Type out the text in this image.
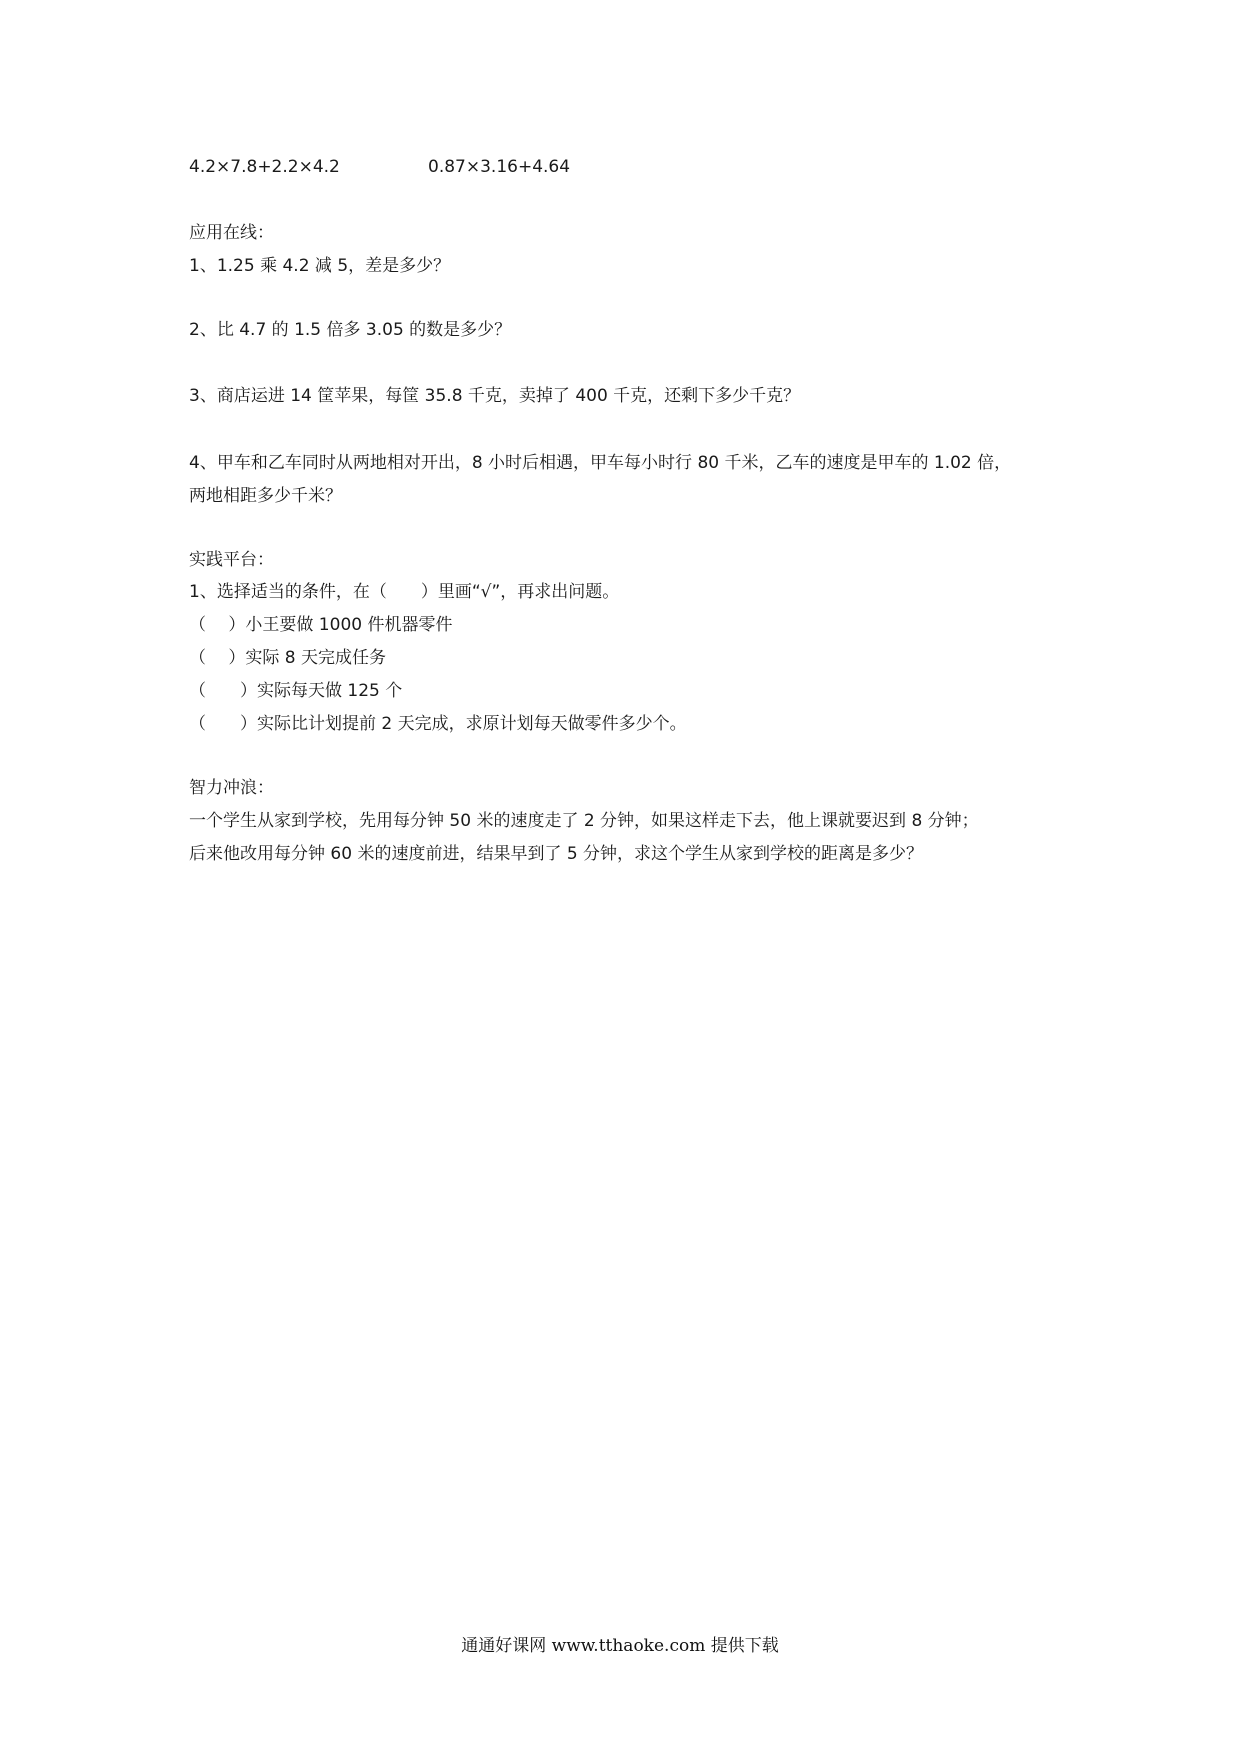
4.2×7.8+2.2×4.2	0.87×3.16+4.64
应用在线：
1、1.25 乘 4.2 减 5，差是多少？
2、比 4.7 的 1.5 倍多 3.05 的数是多少？
3、商店运进 14 筐苹果，每筐 35.8 千克，卖掉了 400 千克，还剩下多少千克？
4、甲车和乙车同时从两地相对开出，8 小时后相遇，甲车每小时行 80 千米，乙车的速度是甲车的 1.02 倍，
两地相距多少千米？
实践平台：
1、选择适当的条件，在（　　）里画“√”，再求出问题。
（　 ）小王要做 1000 件机器零件
（　 ）实际 8 天完成任务
（　　）实际每天做 125 个
（　　）实际比计划提前 2 天完成，求原计划每天做零件多少个。
智力冲浪：
一个学生从家到学校，先用每分钟 50 米的速度走了 2 分钟，如果这样走下去，他上课就要迟到 8 分钟；
后来他改用每分钟 60 米的速度前进，结果早到了 5 分钟，求这个学生从家到学校的距离是多少？
通通好课网 www.tthaoke.com 提供下载
